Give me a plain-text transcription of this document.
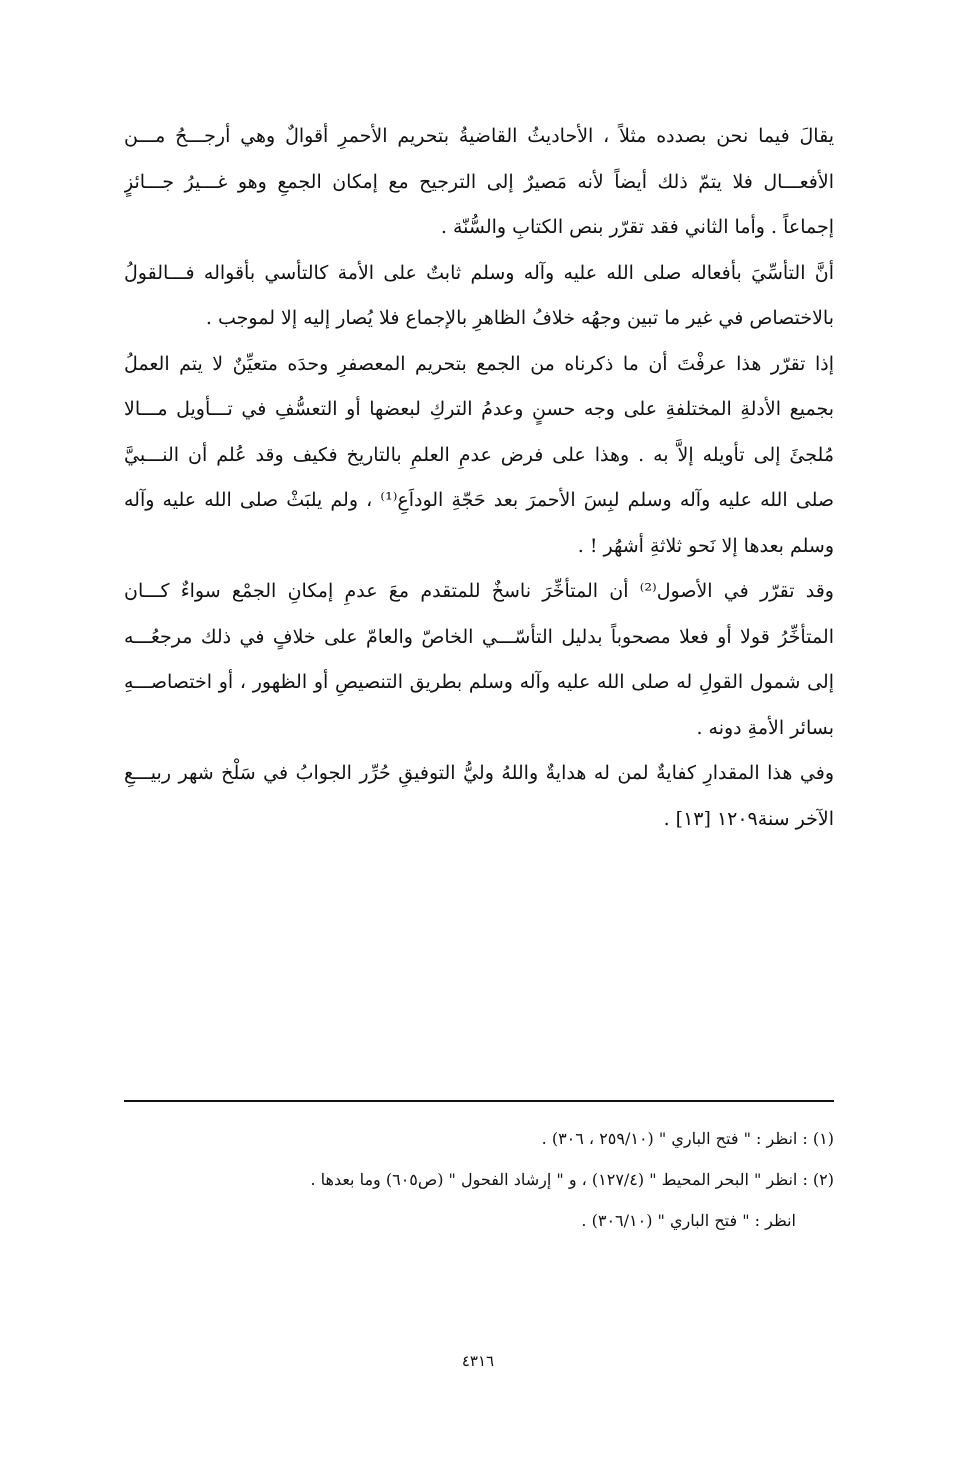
يقالَ فيما نحن بصدده مثلاً ، الأحاديثُ القاضيةُ بتحريم الأحمرِ أقوالٌ وهي أرجـــحُ مـــن
الأفعـــال فلا يتمّ ذلك أيضاً لأنه مَصيرٌ إلى الترجيح مع إمكان الجمعِ وهو غـــيرُ جـــائزٍ
إجماعاً . وأما الثاني فقد تقرّر بنص الكتابِ والسُّنّة .
أنَّ التأسِّيَ بأفعاله صلى الله عليه وآله وسلم ثابتٌ على الأمة كالتأسي بأقواله فـــالقولُ
بالاختصاص في غير ما تبين وجهُه خلافُ الظاهرِ بالإجماع فلا يُصار إليه إلا لموجب .
إذا تقرّر هذا عرفْتَ أن ما ذكرناه من الجمع بتحريم المعصفرِ وحدَه متعيِّنٌ لا يتم العملُ
بجميع الأدلةِ المختلفةِ على وجه حسنٍ وعدمُ التركِ لبعضها أو التعسُّفِ في تـــأويل مـــالا
مُلجئَ إلى تأويله إلاَّ به . وهذا على فرض عدمِ العلمِ بالتاريخ فكيف وقد عُلم أن النـــبيَّ
صلى الله عليه وآله وسلم لبِسَ الأحمرَ بعد حَجّةِ الوداَعِ⁽¹⁾ ، ولم يلبَثْ صلى الله عليه وآله
وسلم بعدها إلا نَحو ثلاثةِ أشهُر ! .
وقد تقرّر في الأصول⁽²⁾ أن المتأخِّرَ ناسخٌ للمتقدم معَ عدمِ إمكانِ الجمْع سواءٌ كـــان
المتأخِّرُ قولا أو فعلا مصحوباً بدليل التأسّـــي الخاصّ والعامّ على خلافٍ في ذلك مرجعُـــه
إلى شمول القولِ له صلى الله عليه وآله وسلم بطريق التنصيصِ أو الظهور ، أو اختصاصـــهِ
بسائر الأمةِ دونه .
وفي هذا المقدارِ كفايةٌ لمن له هدايةٌ واللهُ وليُّ التوفيقِ حُرِّر الجوابُ في سَلْخ شهر ربيـــعِ
الآخر سنة١٢٠٩ [١٣] .
(١) : انظر : " فتح الباري " (٢٥٩/١٠ ، ٣٠٦) .
(٢) : انظر " البحر المحيط " (١٢٧/٤) ، و " إرشاد الفحول " (ص٦٠٥) وما بعدها .
انظر : " فتح الباري " (٣٠٦/١٠) .
٤٣١٦
